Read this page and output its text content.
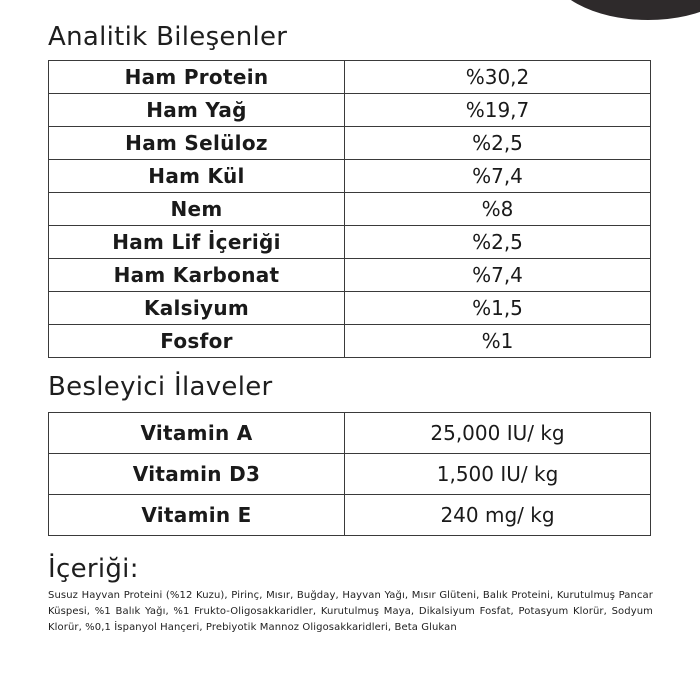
Analitik Bileşenler
Ham Protein	%30,2
Ham Yağ	%19,7
Ham Selüloz	%2,5
Ham Kül	%7,4
Nem	%8
Ham Lif İçeriği	%2,5
Ham Karbonat	%7,4
Kalsiyum	%1,5
Fosfor	%1
Besleyici İlaveler
Vitamin A	25,000 IU/ kg
Vitamin D3	1,500 IU/ kg
Vitamin E	240 mg/ kg
İçeriği:

Susuz Hayvan Proteini (%12 Kuzu), Pirinç, Mısır, Buğday, Hayvan Yağı, Mısır Glüteni, Balık Proteini, Kurutulmuş Pancar Küspesi, %1 Balık Yağı, %1 Frukto-Oligosakkaridler, Kurutulmuş Maya, Dikalsiyum Fosfat, Potasyum Klorür, Sodyum Klorür, %0,1 İspanyol Hançeri, Prebiyotik Mannoz Oligosakkaridleri, Beta Glukan
